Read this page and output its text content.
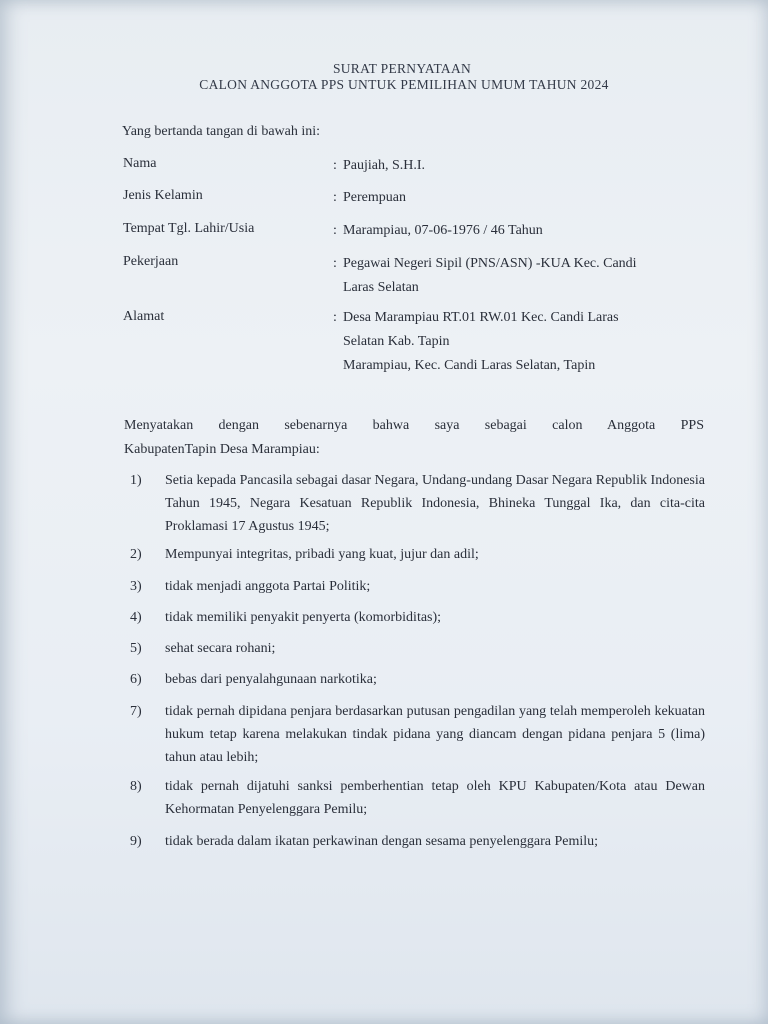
SURAT PERNYATAAN
CALON ANGGOTA PPS UNTUK PEMILIHAN UMUM TAHUN 2024
Yang bertanda tangan di bawah ini:
Nama	: Paujiah, S.H.I.
Jenis Kelamin	: Perempuan
Tempat Tgl. Lahir/Usia	: Marampiau, 07-06-1976 / 46 Tahun
Pekerjaan	: Pegawai Negeri Sipil (PNS/ASN) -KUA Kec. Candi
Laras Selatan
Alamat	: Desa Marampiau RT.01 RW.01 Kec. Candi Laras
Selatan Kab. Tapin
Marampiau, Kec. Candi Laras Selatan, Tapin
Menyatakan dengan sebenarnya bahwa saya sebagai calon Anggota PPS
KabupatenTapin Desa Marampiau:
1)	Setia kepada Pancasila sebagai dasar Negara, Undang-undang Dasar Negara Republik Indonesia Tahun 1945, Negara Kesatuan Republik Indonesia, Bhineka Tunggal Ika, dan cita-cita Proklamasi 17 Agustus 1945;
2)	Mempunyai integritas, pribadi yang kuat, jujur dan adil;
3)	tidak menjadi anggota Partai Politik;
4)	tidak memiliki penyakit penyerta (komorbiditas);
5)	sehat secara rohani;
6)	bebas dari penyalahgunaan narkotika;
7)	tidak pernah dipidana penjara berdasarkan putusan pengadilan yang telah memperoleh kekuatan hukum tetap karena melakukan tindak pidana yang diancam dengan pidana penjara 5 (lima) tahun atau lebih;
8)	tidak pernah dijatuhi sanksi pemberhentian tetap oleh KPU Kabupaten/Kota atau Dewan Kehormatan Penyelenggara Pemilu;
9)	tidak berada dalam ikatan perkawinan dengan sesama penyelenggara Pemilu;
